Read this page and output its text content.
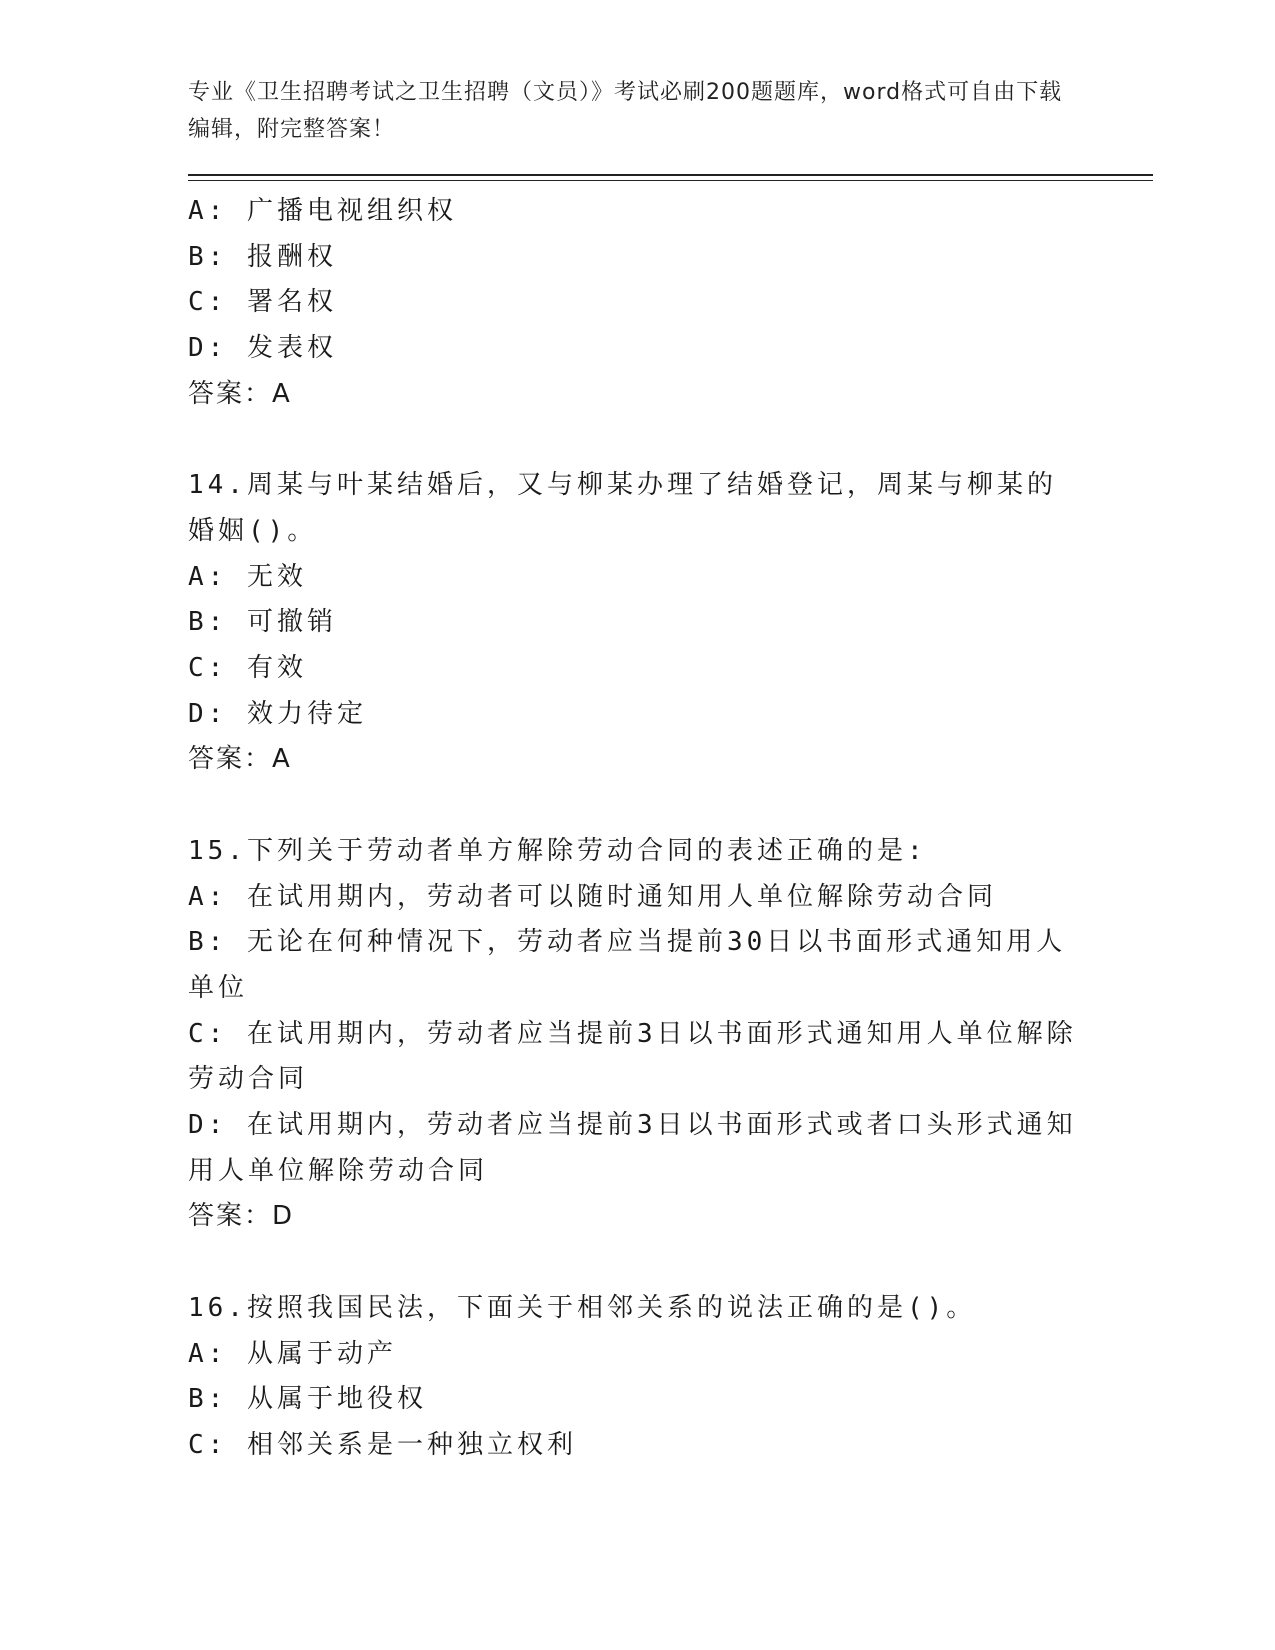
专业《卫生招聘考试之卫生招聘（文员）》考试必刷200题题库，word格式可自由下载编辑，附完整答案！
A: 广播电视组织权
B: 报酬权
C: 署名权
D: 发表权
答案：A
14.周某与叶某结婚后，又与柳某办理了结婚登记，周某与柳某的婚姻()。
A: 无效
B: 可撤销
C: 有效
D: 效力待定
答案：A
15.下列关于劳动者单方解除劳动合同的表述正确的是:
A: 在试用期内，劳动者可以随时通知用人单位解除劳动合同
B: 无论在何种情况下，劳动者应当提前30日以书面形式通知用人单位
C: 在试用期内，劳动者应当提前3日以书面形式通知用人单位解除劳动合同
D: 在试用期内，劳动者应当提前3日以书面形式或者口头形式通知用人单位解除劳动合同
答案：D
16.按照我国民法，下面关于相邻关系的说法正确的是()。
A: 从属于动产
B: 从属于地役权
C: 相邻关系是一种独立权利
